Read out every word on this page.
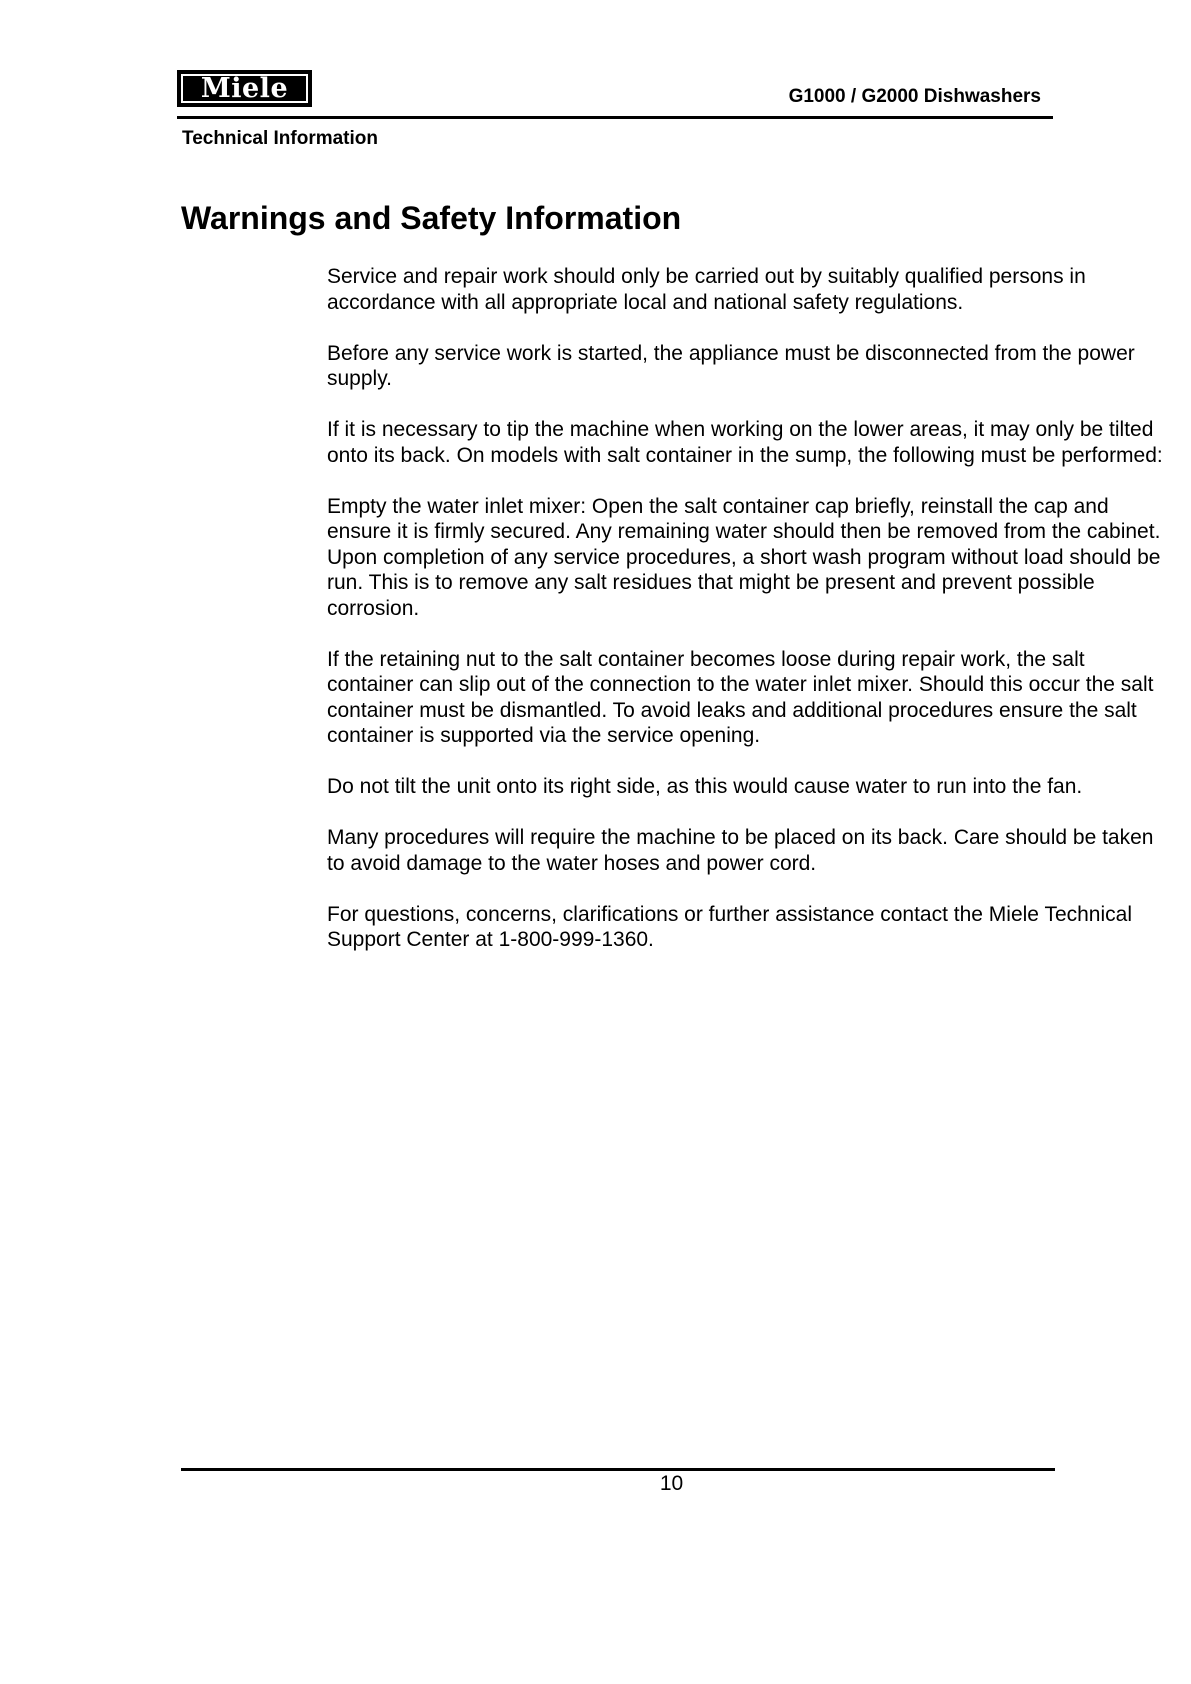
Miele	G1000 / G2000 Dishwashers
Technical Information
Warnings and Safety Information

Service and repair work should only be carried out by suitably qualified persons in accordance with all appropriate local and national safety regulations.

Before any service work is started, the appliance must be disconnected from the power supply.

If it is necessary to tip the machine when working on the lower areas, it may only be tilted onto its back. On models with salt container in the sump, the following must be performed:

Empty the water inlet mixer: Open the salt container cap briefly, reinstall the cap and ensure it is firmly secured. Any remaining water should then be removed from the cabinet.

Upon completion of any service procedures, a short wash program without load should be run. This is to remove any salt residues that might be present and prevent possible corrosion.

If the retaining nut to the salt container becomes loose during repair work, the salt container can slip out of the connection to the water inlet mixer. Should this occur the salt container must be dismantled. To avoid leaks and additional procedures ensure the salt container is supported via the service opening.

Do not tilt the unit onto its right side, as this would cause water to run into the fan.

Many procedures will require the machine to be placed on its back. Care should be taken to avoid damage to the water hoses and power cord.

For questions, concerns, clarifications or further assistance contact the Miele Technical Support Center at 1-800-999-1360.

10
